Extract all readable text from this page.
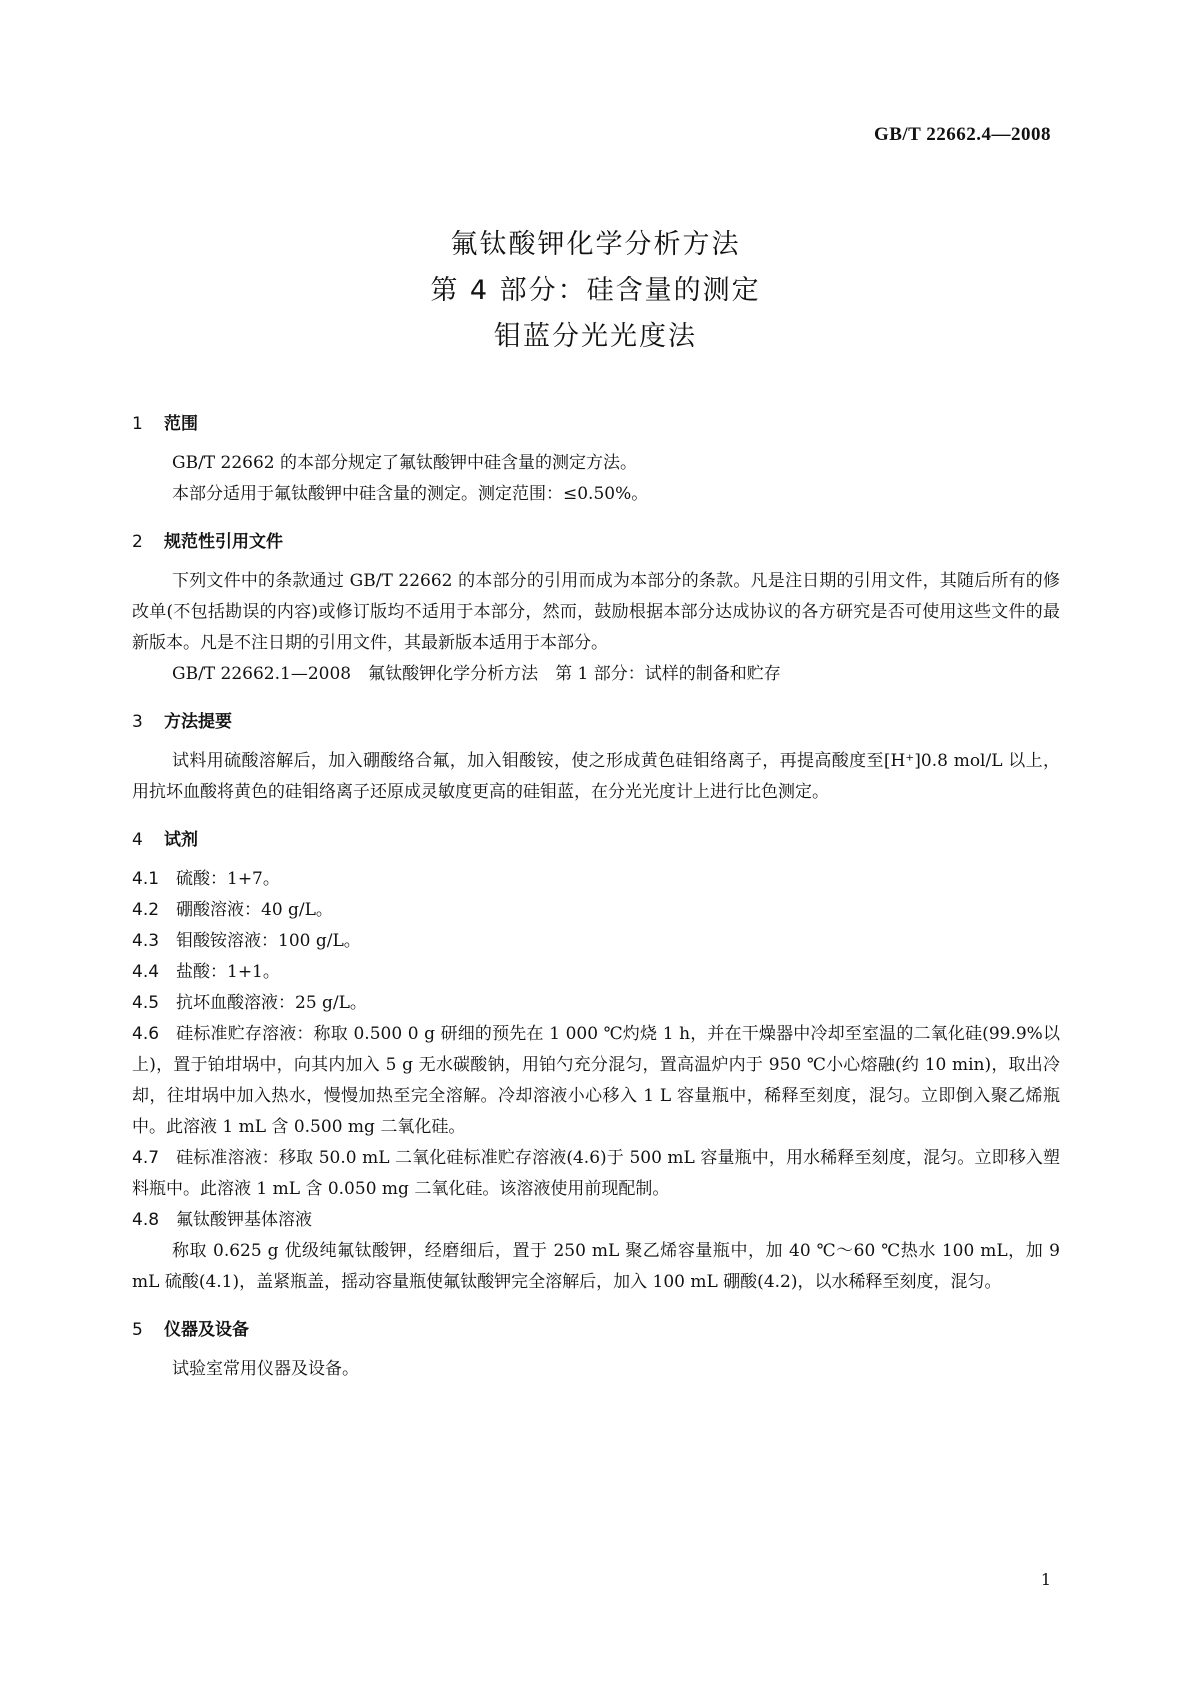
GB/T 22662.4—2008
氟钛酸钾化学分析方法
第 4 部分：硅含量的测定
钼蓝分光光度法
1 范围

GB/T 22662 的本部分规定了氟钛酸钾中硅含量的测定方法。

本部分适用于氟钛酸钾中硅含量的测定。测定范围：≤0.50%。

2 规范性引用文件

下列文件中的条款通过 GB/T 22662 的本部分的引用而成为本部分的条款。凡是注日期的引用文件，其随后所有的修改单(不包括勘误的内容)或修订版均不适用于本部分，然而，鼓励根据本部分达成协议的各方研究是否可使用这些文件的最新版本。凡是不注日期的引用文件，其最新版本适用于本部分。

GB/T 22662.1—2008　氟钛酸钾化学分析方法　第 1 部分：试样的制备和贮存

3 方法提要

试料用硫酸溶解后，加入硼酸络合氟，加入钼酸铵，使之形成黄色硅钼络离子，再提高酸度至[H⁺]0.8 mol/L 以上，用抗坏血酸将黄色的硅钼络离子还原成灵敏度更高的硅钼蓝，在分光光度计上进行比色测定。

4 试剂
4.1 硫酸：1+7。
4.2 硼酸溶液：40 g/L。
4.3 钼酸铵溶液：100 g/L。
4.4 盐酸：1+1。
4.5 抗坏血酸溶液：25 g/L。
4.6 硅标准贮存溶液：称取 0.500 0 g 研细的预先在 1 000 ℃灼烧 1 h，并在干燥器中冷却至室温的二氧化硅(99.9%以上)，置于铂坩埚中，向其内加入 5 g 无水碳酸钠，用铂勺充分混匀，置高温炉内于 950 ℃小心熔融(约 10 min)，取出冷却，往坩埚中加入热水，慢慢加热至完全溶解。冷却溶液小心移入 1 L 容量瓶中，稀释至刻度，混匀。立即倒入聚乙烯瓶中。此溶液 1 mL 含 0.500 mg 二氧化硅。
4.7 硅标准溶液：移取 50.0 mL 二氧化硅标准贮存溶液(4.6)于 500 mL 容量瓶中，用水稀释至刻度，混匀。立即移入塑料瓶中。此溶液 1 mL 含 0.050 mg 二氧化硅。该溶液使用前现配制。
4.8 氟钛酸钾基体溶液

称取 0.625 g 优级纯氟钛酸钾，经磨细后，置于 250 mL 聚乙烯容量瓶中，加 40 ℃～60 ℃热水 100 mL，加 9 mL 硫酸(4.1)，盖紧瓶盖，摇动容量瓶使氟钛酸钾完全溶解后，加入 100 mL 硼酸(4.2)，以水稀释至刻度，混匀。

5 仪器及设备

试验室常用仪器及设备。

1
